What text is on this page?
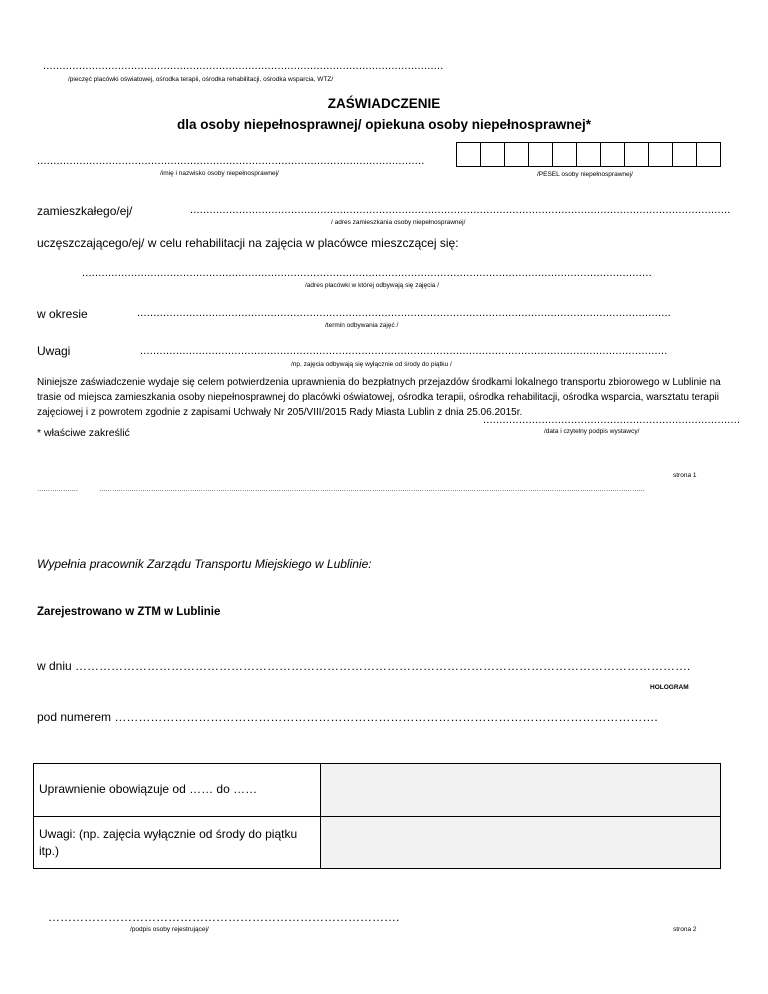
...........................................................................................................................
/pieczęć placówki oświatowej, ośrodka terapii, ośrodka rehabilitacji, ośrodka wsparcia, WTZ/
ZAŚWIADCZENIE
dla osoby niepełnosprawnej/ opiekuna osoby niepełnosprawnej*
.......................................................................................................................
/imię i nazwisko osoby niepełnosprawnej/	/PESEL osoby niepełnosprawnej/
zamieszkałego/ej/	......................................................................................................................................................................
/ adres zamieszkania osoby niepełnosprawnej/
uczęszczającego/ej/ w celu rehabilitacji na zajęcia w placówce mieszczącej się:
...............................................................................................................................................................................
/adres placówki w której odbywają się zajęcia /
w okresie	....................................................................................................................................................................
/termin odbywania zajęć /
Uwagi	..................................................................................................................................................................
/np. zajęcia odbywają się wyłącznie od środy do piątku /
Niniejsze zaświadczenie wydaje się celem potwierdzenia uprawnienia do bezpłatnych przejazdów środkami lokalnego transportu zbiorowego w Lublinie na trasie od miejsca zamieszkania osoby niepełnosprawnej do placówki oświatowej, ośrodka terapii, ośrodka rehabilitacji, ośrodka wsparcia, warsztatu terapii zajęciowej i z powrotem zgodnie z zapisami Uchwały Nr 205/VIII/2015 Rady Miasta Lublin z dnia 25.06.2015r.
...............................................................................
/data i czytelny podpis wystawcy/
* właściwe zakreślić
strona 1
……………….	………………………………………………………………………………………………………………………………………………………………………………………………………………………………
Wypełnia pracownik Zarządu Transportu Miejskiego w Lublinie:
Zarejestrowano w ZTM w Lublinie
w dniu ……………………………………………………………………………………………………………………………………….
HOLOGRAM
pod numerem ……………………………………………………………………………………………………………………….
Uprawnienie obowiązuje od …… do ……
Uwagi: (np. zajęcia wyłącznie od środy do piątku itp.)
…………………………………………………………………………….
/podpis osoby rejestrującej/	strona 2
